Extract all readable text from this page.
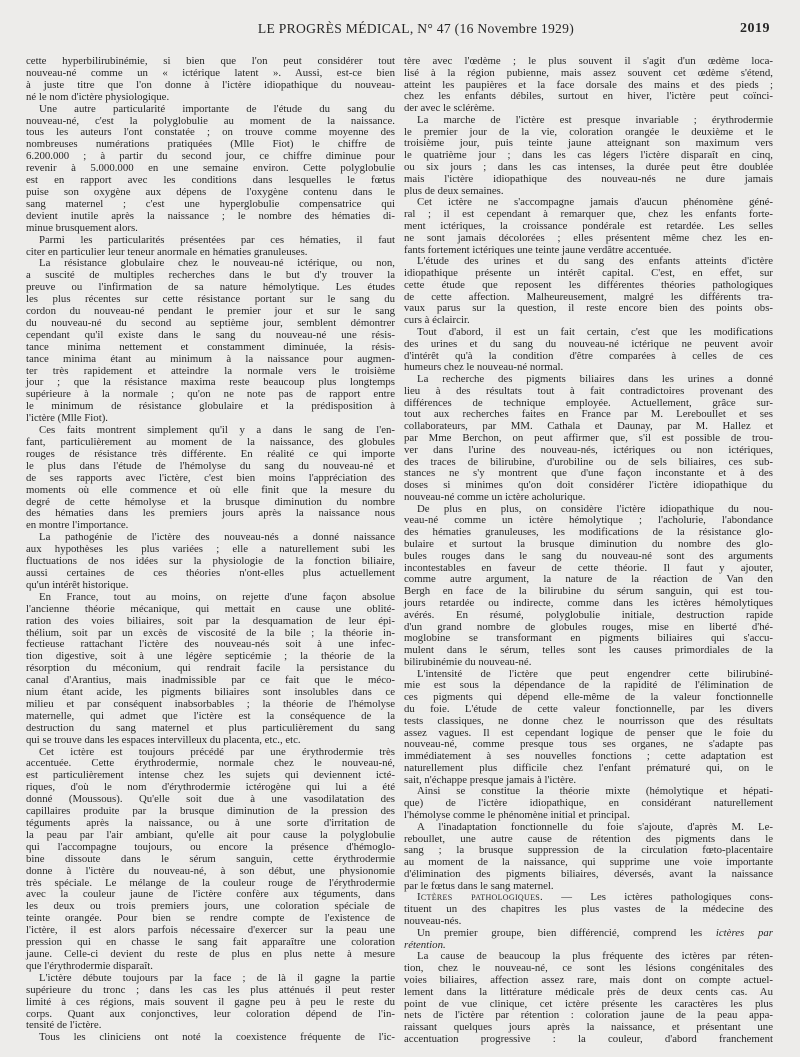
LE PROGRÈS MÉDICAL, N° 47 (16 Novembre 1929)	2019
cette hyperbilirubinémie, si bien que l'on peut considérer tout
nouveau-né comme un « ictérique latent ». Aussi, est-ce bien
à juste titre que l'on donne à l'ictère idiopathique du nouveau-
né le nom d'ictère physiologique.
Une autre particularité importante de l'étude du sang du
nouveau-né, c'est la polyglobulie au moment de la naissance.
tous les auteurs l'ont constatée ; on trouve comme moyenne des
nombreuses numérations pratiquées (Mlle Fiot) le chiffre de
6.200.000 ; à partir du second jour, ce chiffre diminue pour
revenir à 5.000.000 en une semaine environ. Cette polyglobulie
est en rapport avec les conditions dans lesquelles le fœtus
puise son oxygène aux dépens de l'oxygène contenu dans le
sang maternel ; c'est une hyperglobulie compensatrice qui
devient inutile après la naissance ; le nombre des hématies di-
minue brusquement alors.
Parmi les particularités présentées par ces hématies, il faut
citer en particulier leur teneur anormale en hématies granuleuses.
La résistance globulaire chez le nouveau-né ictérique, ou non,
a suscité de multiples recherches dans le but d'y trouver la
preuve ou l'infirmation de sa nature hémolytique. Les études
les plus récentes sur cette résistance portant sur le sang du
cordon du nouveau-né pendant le premier jour et sur le sang
du nouveau-né du second au septième jour, semblent démontrer
cependant qu'il existe dans le sang du nouveau-né une résis-
tance minima nettement et constamment diminuée, la résis-
tance minima étant au minimum à la naissance pour augmen-
ter très rapidement et atteindre la normale vers le troisième
jour ; que la résistance maxima reste beaucoup plus longtemps
supérieure à la normale ; qu'on ne note pas de rapport entre
le minimum de résistance globulaire et la prédisposition à
l'ictère (Mlle Fiot).
Ces faits montrent simplement qu'il y a dans le sang de l'en-
fant, particulièrement au moment de la naissance, des globules
rouges de résistance très différente. En réalité ce qui importe
le plus dans l'étude de l'hémolyse du sang du nouveau-né et
de ses rapports avec l'ictère, c'est bien moins l'appréciation des
moments où elle commence et où elle finit que la mesure du
degré de cette hémolyse et la brusque diminution du nombre
des hématies dans les premiers jours après la naissance nous
en montre l'importance.
La pathogénie de l'ictère des nouveau-nés a donné naissance
aux hypothèses les plus variées ; elle a naturellement subi les
fluctuations de nos idées sur la physiologie de la fonction biliaire,
aussi certaines de ces théories n'ont-elles plus actuellement
qu'un intérêt historique.
En France, tout au moins, on rejette d'une façon absolue
l'ancienne théorie mécanique, qui mettait en cause une oblité-
ration des voies biliaires, soit par la desquamation de leur épi-
thélium, soit par un excès de viscosité de la bile ; la théorie in-
fectieuse rattachant l'ictère des nouveau-nés soit à une infec-
tion digestive, soit à une légère septicémie ; la théorie de la
résorption du méconium, qui rendrait facile la persistance du
canal d'Arantius, mais inadmissible par ce fait que le méco-
nium étant acide, les pigments biliaires sont insolubles dans ce
milieu et par conséquent inabsorbables ; la théorie de l'hémolyse
maternelle, qui admet que l'ictère est la conséquence de la
destruction du sang maternel et plus particulièrement du sang
qui se trouve dans les espaces intervilleux du placenta, etc., etc.
Cet ictère est toujours précédé par une érythrodermie très
accentuée. Cette érythrodermie, normale chez le nouveau-né,
est particulièrement intense chez les sujets qui deviennent icté-
riques, d'où le nom d'érythrodermie ictérogène qui lui a été
donné (Moussous). Qu'elle soit due à une vasodilatation des
capillaires produite par la brusque diminution de la pression des
téguments après la naissance, ou à une sorte d'irritation de
la peau par l'air ambiant, qu'elle ait pour cause la polyglobulie
qui l'accompagne toujours, ou encore la présence d'hémoglo-
bine dissoute dans le sérum sanguin, cette érythrodermie
donne à l'ictère du nouveau-né, à son début, une physionomie
très spéciale. Le mélange de la couleur rouge de l'érythrodermie
avec la couleur jaune de l'ictère confère aux téguments, dans
les deux ou trois premiers jours, une coloration spéciale de
teinte orangée. Pour bien se rendre compte de l'existence de
l'ictère, il est alors parfois nécessaire d'exercer sur la peau une
pression qui en chasse le sang fait apparaître une coloration
jaune. Celle-ci devient du reste de plus en plus nette à mesure
que l'érythrodermie disparaît.
L'ictère débute toujours par la face ; de là il gagne la partie
supérieure du tronc ; dans les cas les plus atténués il peut rester
limité à ces régions, mais souvent il gagne peu à peu le reste du
corps. Quant aux conjonctives, leur coloration dépend de l'in-
tensité de l'ictère.
Tous les cliniciens ont noté la coexistence fréquente de l'ic-
tère avec l'œdème ; le plus souvent il s'agit d'un œdème loca-
lisé à la région pubienne, mais assez souvent cet œdème s'étend,
atteint les paupières et la face dorsale des mains et des pieds ;
chez les enfants débiles, surtout en hiver, l'ictère peut coïnci-
der avec le sclérème.
La marche de l'ictère est presque invariable ; érythrodermie
le premier jour de la vie, coloration orangée le deuxième et le
troisième jour, puis teinte jaune atteignant son maximum vers
le quatrième jour ; dans les cas légers l'ictère disparaît en cinq,
ou six jours ; dans les cas intenses, la durée peut être doublée
mais l'ictère idiopathique des nouveau-nés ne dure jamais
plus de deux semaines.
Cet ictère ne s'accompagne jamais d'aucun phénomène géné-
ral ; il est cependant à remarquer que, chez les enfants forte-
ment ictériques, la croissance pondérale est retardée. Les selles
ne sont jamais décolorées ; elles présentent même chez les en-
fants fortement ictériques une teinte jaune verdâtre accentuée.
L'étude des urines et du sang des enfants atteints d'ictère
idiopathique présente un intérêt capital. C'est, en effet, sur
cette étude que reposent les différentes théories pathologiques
de cette affection. Malheureusement, malgré les différents tra-
vaux parus sur la question, il reste encore bien des points obs-
curs à éclaircir.
Tout d'abord, il est un fait certain, c'est que les modifications
des urines et du sang du nouveau-né ictérique ne peuvent avoir
d'intérêt qu'à la condition d'être comparées à celles de ces
humeurs chez le nouveau-né normal.
La recherche des pigments biliaires dans les urines a donné
lieu à des résultats tout à fait contradictoires provenant des
différences de technique employée. Actuellement, grâce sur-
tout aux recherches faites en France par M. Lereboullet et ses
collaborateurs, par MM. Cathala et Daunay, par M. Hallez et
par Mme Berchon, on peut affirmer que, s'il est possible de trou-
ver dans l'urine des nouveau-nés, ictériques ou non ictériques,
des traces de bilirubine, d'urobiline ou de sels biliaires, ces sub-
stances ne s'y montrent que d'une façon inconstante et à des
doses si minimes qu'on doit considérer l'ictère idiopathique du
nouveau-né comme un ictère acholurique.
De plus en plus, on considère l'ictère idiopathique du nou-
veau-né comme un ictère hémolytique ; l'acholurie, l'abondance
des hématies granuleuses, les modifications de la résistance glo-
bulaire et surtout la brusque diminution du nombre des glo-
bules rouges dans le sang du nouveau-né sont des arguments
incontestables en faveur de cette théorie. Il faut y ajouter,
comme autre argument, la nature de la réaction de Van den
Bergh en face de la bilirubine du sérum sanguin, qui est tou-
jours retardée ou indirecte, comme dans les ictères hémolytiques
avérés. En résumé, polyglobulie initiale, destruction rapide
d'un grand nombre de globules rouges, mise en liberté d'hé-
moglobine se transformant en pigments biliaires qui s'accu-
mulent dans le sérum, telles sont les causes primordiales de la
bilirubinémie du nouveau-né.
L'intensité de l'ictère que peut engendrer cette bilirubiné-
mie est sous la dépendance de la rapidité de l'élimination de
ces pigments qui dépend elle-même de la valeur fonctionnelle
du foie. L'étude de cette valeur fonctionnelle, par les divers
tests classiques, ne donne chez le nourrisson que des résultats
assez vagues. Il est cependant logique de penser que le foie du
nouveau-né, comme presque tous ses organes, ne s'adapte pas
immédiatement à ses nouvelles fonctions ; cette adaptation est
naturellement plus difficile chez l'enfant prématuré qui, on le
sait, n'échappe presque jamais à l'ictère.
Ainsi se constitue la théorie mixte (hémolytique et hépati-
que) de l'ictère idiopathique, en considérant naturellement
l'hémolyse comme le phénomène initial et principal.
A l'inadaptation fonctionnelle du foie s'ajoute, d'après M. Le-
reboullet, une autre cause de rétention des pigments dans le
sang ; la brusque suppression de la circulation fœto-placentaire
au moment de la naissance, qui supprime une voie importante
d'élimination des pigments biliaires, déversés, avant la naissance
par le fœtus dans le sang maternel.
Ictères pathologiques. — Les ictères pathologiques cons-
tituent un des chapitres les plus vastes de la médecine des
nouveau-nés.
Un premier groupe, bien différencié, comprend les ictères par
rétention.
La cause de beaucoup la plus fréquente des ictères par réten-
tion, chez le nouveau-né, ce sont les lésions congénitales des
voies biliaires, affection assez rare, mais dont on compte actuel-
lement dans la littérature médicale près de deux cents cas. Au
point de vue clinique, cet ictère présente les caractères les plus
nets de l'ictère par rétention : coloration jaune de la peau appa-
raissant quelques jours après la naissance, et présentant une
accentuation progressive : la couleur, d'abord franchement
